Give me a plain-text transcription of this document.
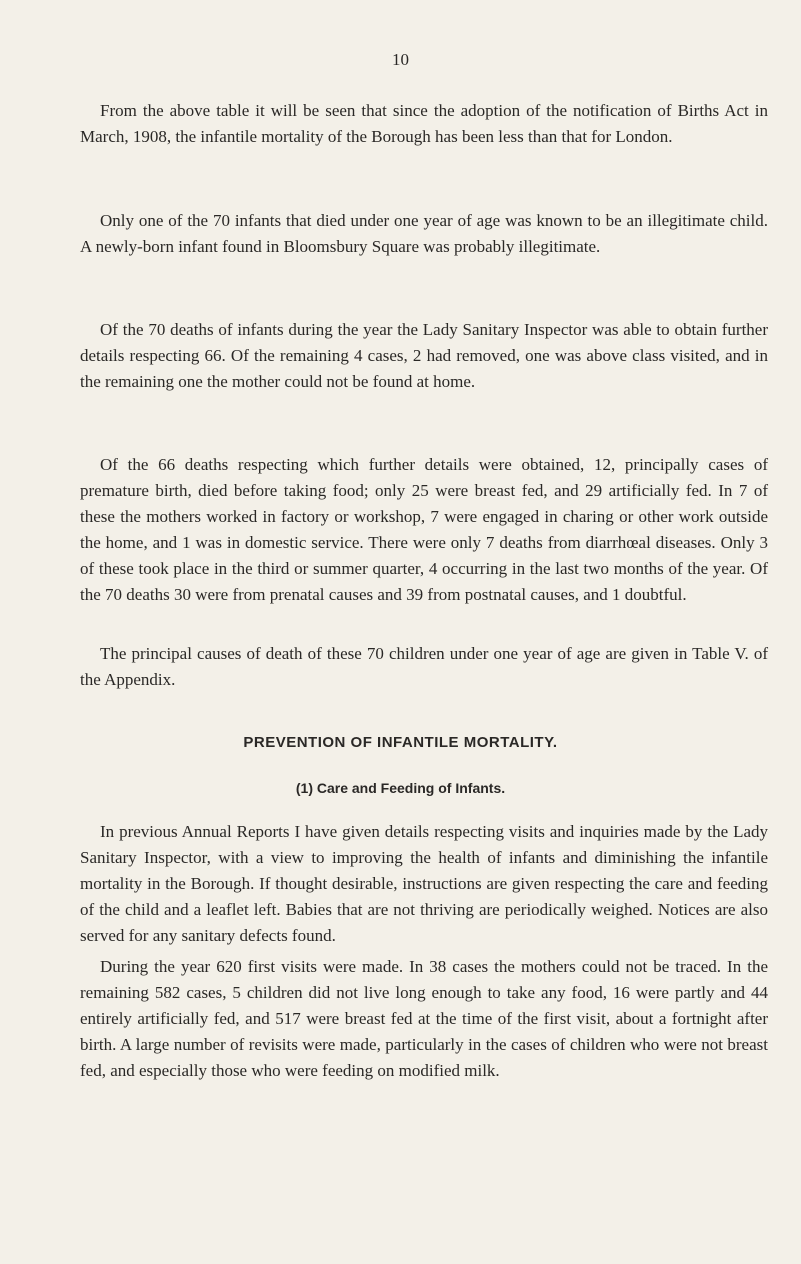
10

From the above table it will be seen that since the adoption of the notification of Births Act in March, 1908, the infantile mortality of the Borough has been less than that for London.

Only one of the 70 infants that died under one year of age was known to be an illegitimate child. A newly-born infant found in Bloomsbury Square was probably illegitimate.

Of the 70 deaths of infants during the year the Lady Sanitary Inspector was able to obtain further details respecting 66. Of the remaining 4 cases, 2 had removed, one was above class visited, and in the remaining one the mother could not be found at home.

Of the 66 deaths respecting which further details were obtained, 12, principally cases of premature birth, died before taking food; only 25 were breast fed, and 29 artificially fed. In 7 of these the mothers worked in factory or workshop, 7 were engaged in charing or other work outside the home, and 1 was in domestic service. There were only 7 deaths from diarrhœal diseases. Only 3 of these took place in the third or summer quarter, 4 occurring in the last two months of the year. Of the 70 deaths 30 were from prenatal causes and 39 from postnatal causes, and 1 doubtful.

The principal causes of death of these 70 children under one year of age are given in Table V. of the Appendix.

PREVENTION OF INFANTILE MORTALITY.
(1) Care and Feeding of Infants.

In previous Annual Reports I have given details respecting visits and inquiries made by the Lady Sanitary Inspector, with a view to improving the health of infants and diminishing the infantile mortality in the Borough. If thought desirable, instructions are given respecting the care and feeding of the child and a leaflet left. Babies that are not thriving are periodically weighed. Notices are also served for any sanitary defects found.

During the year 620 first visits were made. In 38 cases the mothers could not be traced. In the remaining 582 cases, 5 children did not live long enough to take any food, 16 were partly and 44 entirely artificially fed, and 517 were breast fed at the time of the first visit, about a fortnight after birth. A large number of revisits were made, particularly in the cases of children who were not breast fed, and especially those who were feeding on modified milk.
